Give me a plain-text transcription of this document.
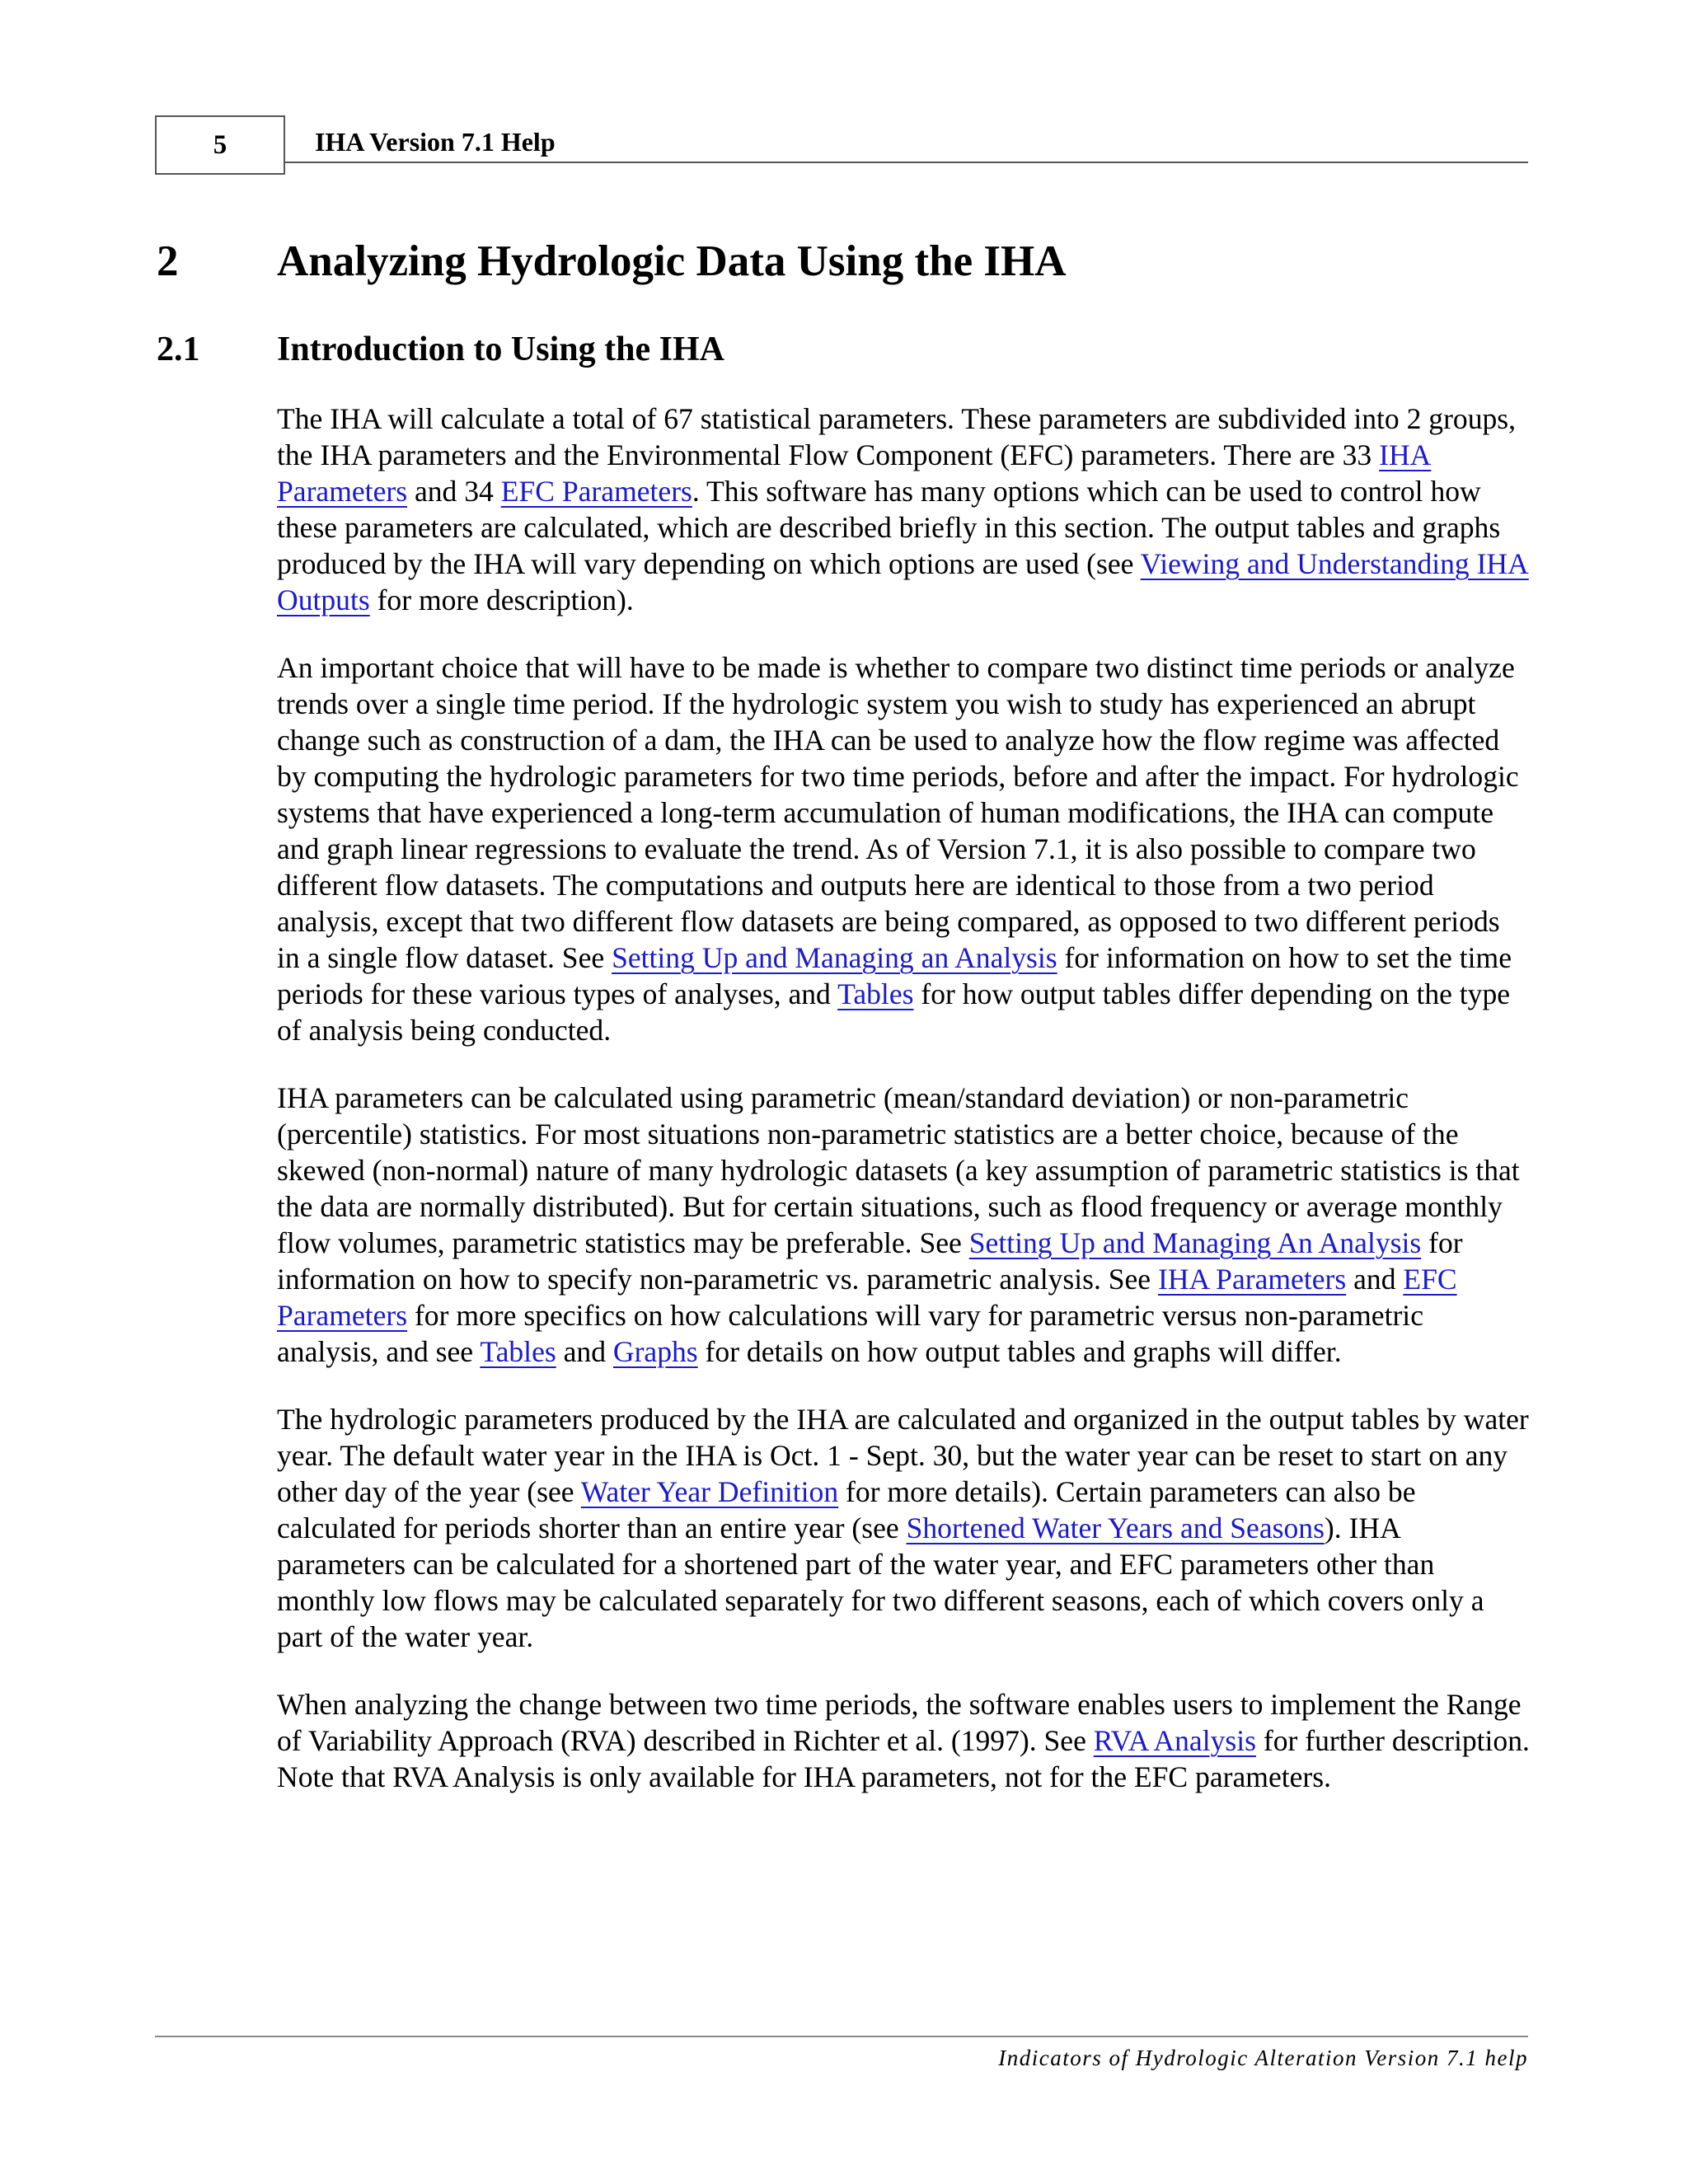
5	IHA Version 7.1 Help
2 Analyzing Hydrologic Data Using the IHA
2.1 Introduction to Using the IHA

The IHA will calculate a total of 67 statistical parameters. These parameters are subdivided into 2 groups, the IHA parameters and the Environmental Flow Component (EFC) parameters. There are 33 IHA Parameters and 34 EFC Parameters. This software has many options which can be used to control how these parameters are calculated, which are described briefly in this section. The output tables and graphs produced by the IHA will vary depending on which options are used (see Viewing and Understanding IHA Outputs for more description).

An important choice that will have to be made is whether to compare two distinct time periods or analyze trends over a single time period. If the hydrologic system you wish to study has experienced an abrupt change such as construction of a dam, the IHA can be used to analyze how the flow regime was affected by computing the hydrologic parameters for two time periods, before and after the impact. For hydrologic systems that have experienced a long-term accumulation of human modifications, the IHA can compute and graph linear regressions to evaluate the trend. As of Version 7.1, it is also possible to compare two different flow datasets. The computations and outputs here are identical to those from a two period analysis, except that two different flow datasets are being compared, as opposed to two different periods in a single flow dataset. See Setting Up and Managing an Analysis for information on how to set the time periods for these various types of analyses, and Tables for how output tables differ depending on the type of analysis being conducted.

IHA parameters can be calculated using parametric (mean/standard deviation) or non-parametric (percentile) statistics. For most situations non-parametric statistics are a better choice, because of the skewed (non-normal) nature of many hydrologic datasets (a key assumption of parametric statistics is that the data are normally distributed). But for certain situations, such as flood frequency or average monthly flow volumes, parametric statistics may be preferable. See Setting Up and Managing An Analysis for information on how to specify non-parametric vs. parametric analysis. See IHA Parameters and EFC Parameters for more specifics on how calculations will vary for parametric versus non-parametric analysis, and see Tables and Graphs for details on how output tables and graphs will differ.

The hydrologic parameters produced by the IHA are calculated and organized in the output tables by water year. The default water year in the IHA is Oct. 1 - Sept. 30, but the water year can be reset to start on any other day of the year (see Water Year Definition for more details). Certain parameters can also be calculated for periods shorter than an entire year (see Shortened Water Years and Seasons). IHA parameters can be calculated for a shortened part of the water year, and EFC parameters other than monthly low flows may be calculated separately for two different seasons, each of which covers only a part of the water year.

When analyzing the change between two time periods, the software enables users to implement the Range of Variability Approach (RVA) described in Richter et al. (1997). See RVA Analysis for further description. Note that RVA Analysis is only available for IHA parameters, not for the EFC parameters.

Indicators of Hydrologic Alteration Version 7.1 help
